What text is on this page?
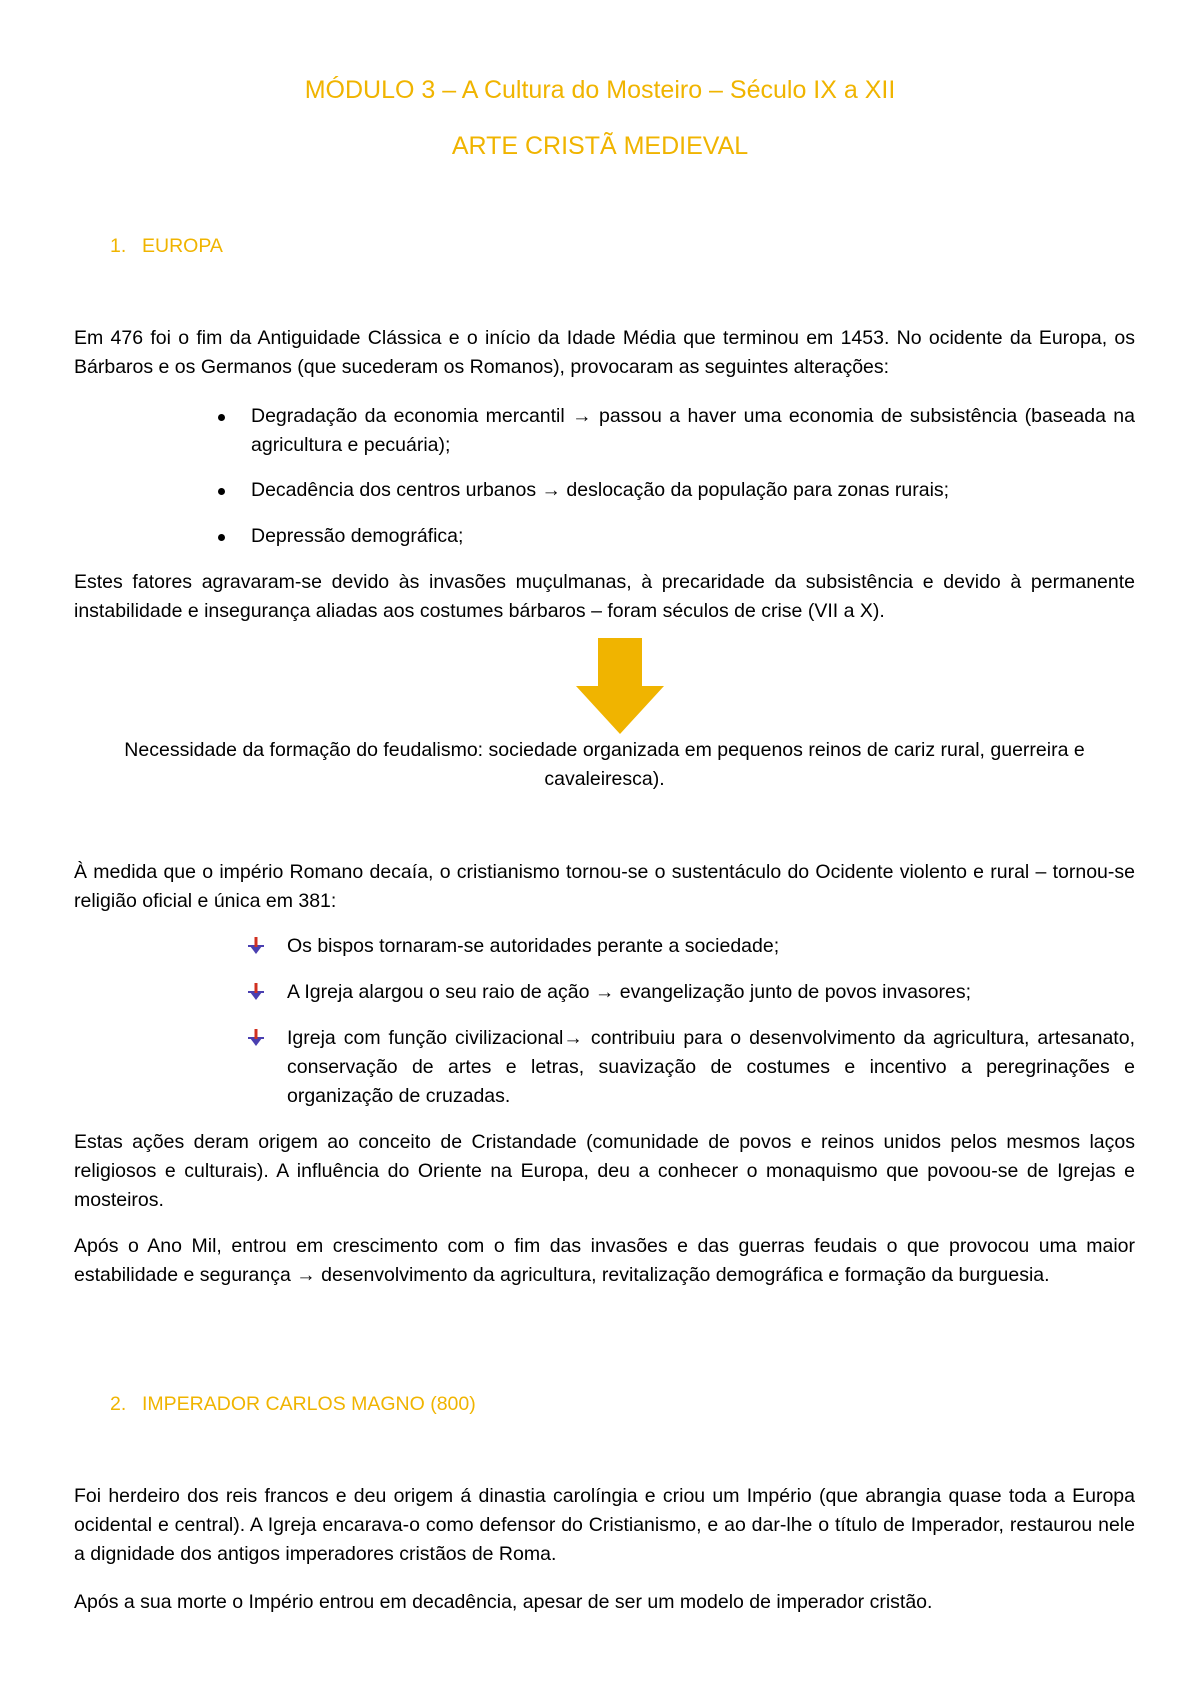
MÓDULO 3 – A Cultura do Mosteiro – Século IX a XII
ARTE CRISTÃ MEDIEVAL
1. EUROPA
Em 476 foi o fim da Antiguidade Clássica e o início da Idade Média que terminou em 1453. No ocidente da Europa, os Bárbaros e os Germanos (que sucederam os Romanos), provocaram as seguintes alterações:
Degradação da economia mercantil → passou a haver uma economia de subsistência (baseada na agricultura e pecuária);
Decadência dos centros urbanos → deslocação da população para zonas rurais;
Depressão demográfica;
Estes fatores agravaram-se devido às invasões muçulmanas, à precaridade da subsistência e devido à permanente instabilidade e insegurança aliadas aos costumes bárbaros – foram séculos de crise (VII a X).
Necessidade da formação do feudalismo: sociedade organizada em pequenos reinos de cariz rural, guerreira e cavaleiresca).
À medida que o império Romano decaía, o cristianismo tornou-se o sustentáculo do Ocidente violento e rural – tornou-se religião oficial e única em 381:
Os bispos tornaram-se autoridades perante a sociedade;
A Igreja alargou o seu raio de ação → evangelização junto de povos invasores;
Igreja com função civilizacional→ contribuiu para o desenvolvimento da agricultura, artesanato, conservação de artes e letras, suavização de costumes e incentivo a peregrinações e organização de cruzadas.
Estas ações deram origem ao conceito de Cristandade (comunidade de povos e reinos unidos pelos mesmos laços religiosos e culturais). A influência do Oriente na Europa, deu a conhecer o monaquismo que povoou-se de Igrejas e mosteiros.
Após o Ano Mil, entrou em crescimento com o fim das invasões e das guerras feudais o que provocou uma maior estabilidade e segurança → desenvolvimento da agricultura, revitalização demográfica e formação da burguesia.
2. IMPERADOR CARLOS MAGNO (800)
Foi herdeiro dos reis francos e deu origem á dinastia carolíngia e criou um Império (que abrangia quase toda a Europa ocidental e central). A Igreja encarava-o como defensor do Cristianismo, e ao dar-lhe o título de Imperador, restaurou nele a dignidade dos antigos imperadores cristãos de Roma.
Após a sua morte o Império entrou em decadência, apesar de ser um modelo de imperador cristão.
